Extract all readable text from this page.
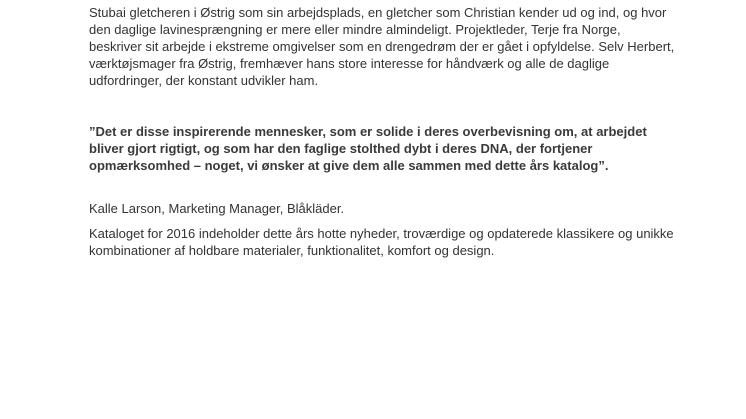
Stubai gletcheren i Østrig som sin arbejdsplads, en gletcher som Christian kender ud og ind, og hvor
den daglige lavinesprængning er mere eller mindre almindeligt. Projektleder, Terje fra Norge,
beskriver sit arbejde i ekstreme omgivelser som en drengedrøm der er gået i opfyldelse. Selv Herbert,
værktøjsmager fra Østrig, fremhæver hans store interesse for håndværk og alle de daglige
udfordringer, der konstant udvikler ham.

”Det er disse inspirerende mennesker, som er solide i deres overbevisning om, at arbejdet
bliver gjort rigtigt, og som har den faglige stolthed dybt i deres DNA, der fortjener
opmærksomhed – noget, vi ønsker at give dem alle sammen med dette års katalog”.

Kalle Larson, Marketing Manager, Blåkläder.

Kataloget for 2016 indeholder dette års hotte nyheder, troværdige og opdaterede klassikere og unikke
kombinationer af holdbare materialer, funktionalitet, komfort og design.
